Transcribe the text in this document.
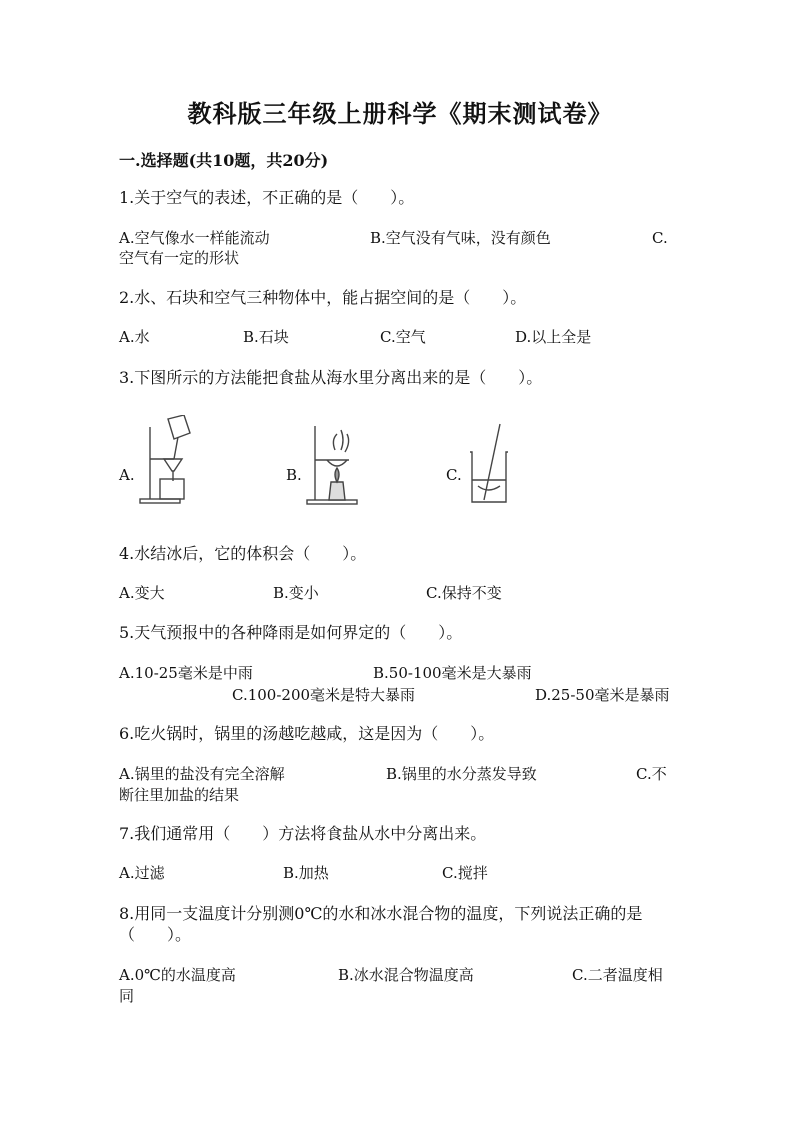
教科版三年级上册科学《期末测试卷》
一.选择题(共10题，共20分)
1.关于空气的表述，不正确的是（　　）。
A.空气像水一样能流动	B.空气没有气味，没有颜色	C.
空气有一定的形状
2.水、石块和空气三种物体中，能占据空间的是（　　）。
A.水	B.石块	C.空气	D.以上全是
3.下图所示的方法能把食盐从海水里分离出来的是（　　）。
A.	B.	C.
4.水结冰后，它的体积会（　　）。
A.变大	B.变小	C.保持不变
5.天气预报中的各种降雨是如何界定的（　　）。
A.10-25毫米是中雨	B.50-100毫米是大暴雨
C.100-200毫米是特大暴雨	D.25-50毫米是暴雨
6.吃火锅时，锅里的汤越吃越咸，这是因为（　　）。
A.锅里的盐没有完全溶解	B.锅里的水分蒸发导致	C.不
断往里加盐的结果
7.我们通常用（　　）方法将食盐从水中分离出来。
A.过滤	B.加热	C.搅拌
8.用同一支温度计分别测0℃的水和冰水混合物的温度，下列说法正确的是
（　　）。
A.0℃的水温度高	B.冰水混合物温度高	C.二者温度相
同
